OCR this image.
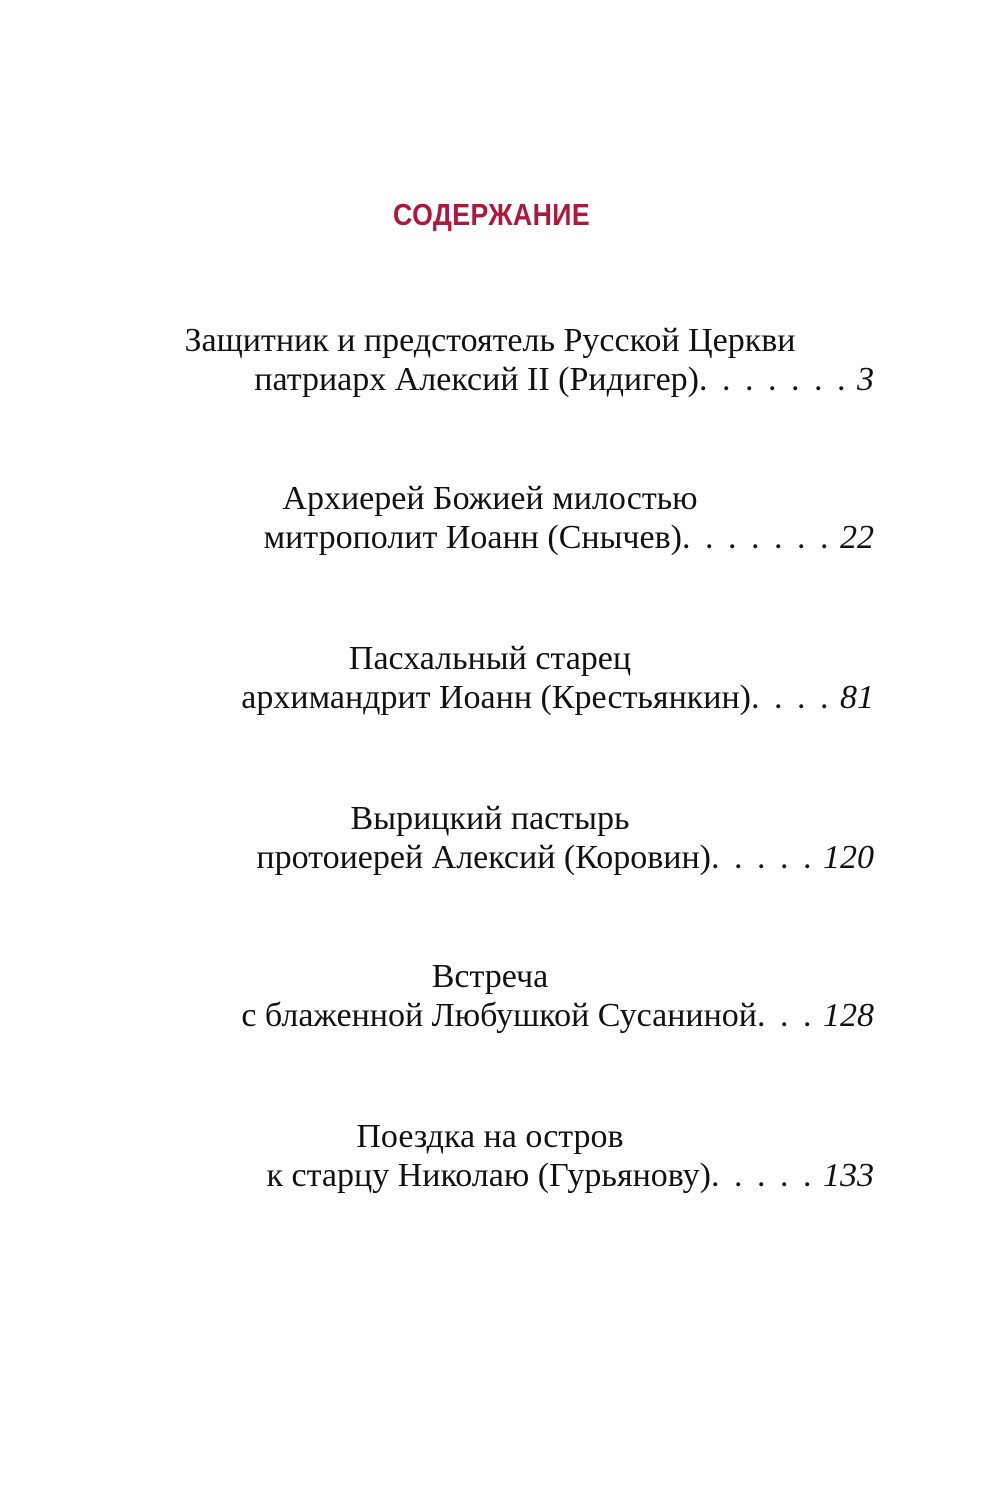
СОДЕРЖАНИЕ
Защитник и предстоятель Русской Церкви
патриарх Алексий II (Ридигер). . . . . . . 3
Архиерей Божией милостью
митрополит Иоанн (Снычев). . . . . . . 22
Пасхальный старец
архимандрит Иоанн (Крестьянкин). . . . 81
Вырицкий пастырь
протоиерей Алексий (Коровин). . . . . 120
Встреча
с блаженной Любушкой Сусаниной. . . 128
Поездка на остров
к старцу Николаю (Гурьянову). . . . . 133
